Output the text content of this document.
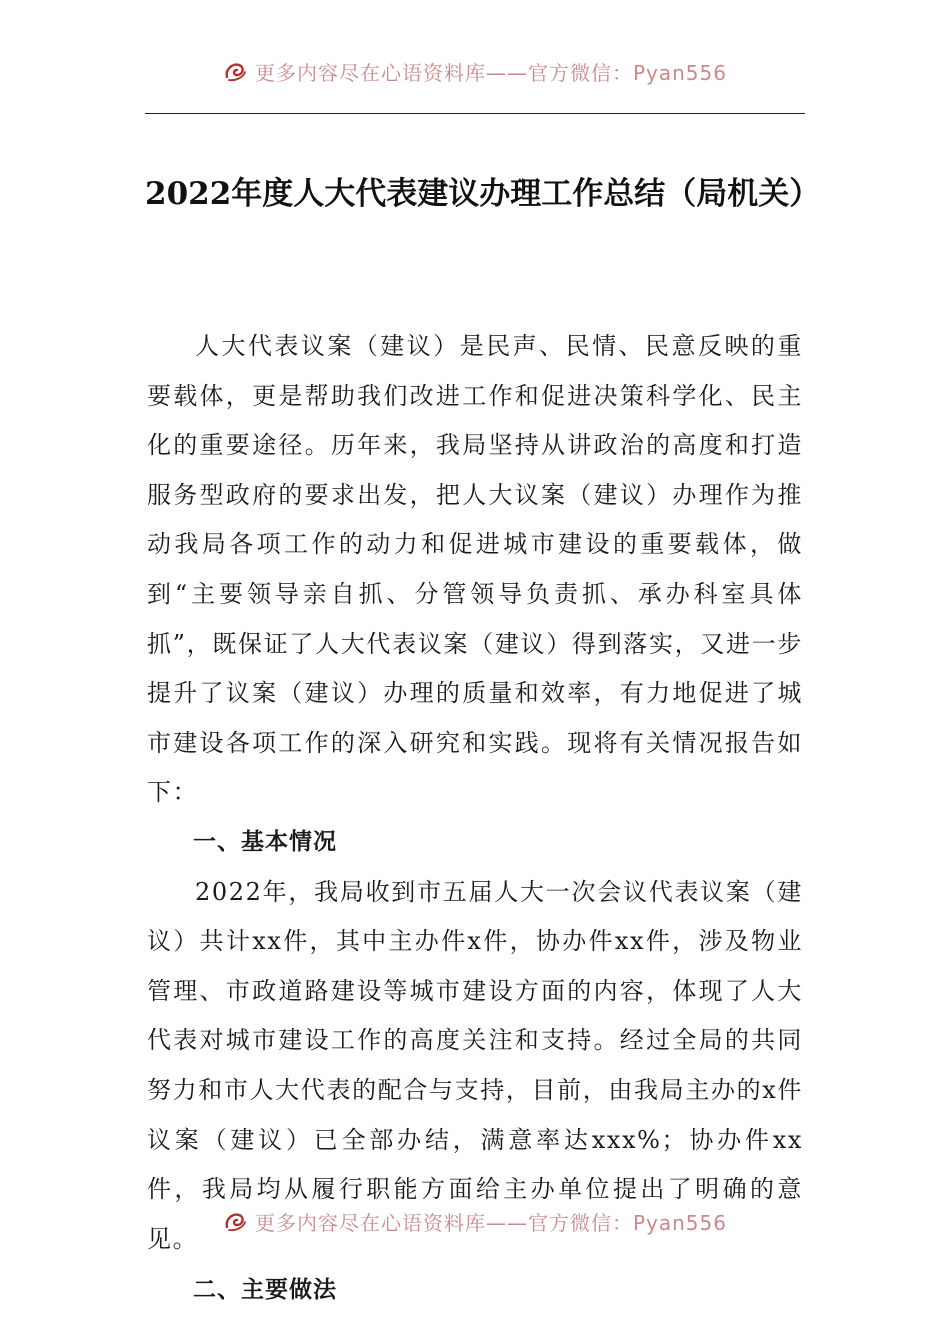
更多内容尽在心语资料库——官方微信：Pyan556
2022年度人大代表建议办理工作总结（局机关）

人大代表议案（建议）是民声、民情、民意反映的重要载体，更是帮助我们改进工作和促进决策科学化、民主化的重要途径。历年来，我局坚持从讲政治的高度和打造服务型政府的要求出发，把人大议案（建议）办理作为推动我局各项工作的动力和促进城市建设的重要载体，做到“主要领导亲自抓、分管领导负责抓、承办科室具体抓”，既保证了人大代表议案（建议）得到落实，又进一步提升了议案（建议）办理的质量和效率，有力地促进了城市建设各项工作的深入研究和实践。现将有关情况报告如下：

一、基本情况

2022年，我局收到市五届人大一次会议代表议案（建议）共计xx件，其中主办件x件，协办件xx件，涉及物业管理、市政道路建设等城市建设方面的内容，体现了人大代表对城市建设工作的高度关注和支持。经过全局的共同努力和市人大代表的配合与支持，目前，由我局主办的x件议案（建议）已全部办结，满意率达xxx%；协办件xx件，我局均从履行职能方面给主办单位提出了明确的意见。

二、主要做法

更多内容尽在心语资料库——官方微信：Pyan556
